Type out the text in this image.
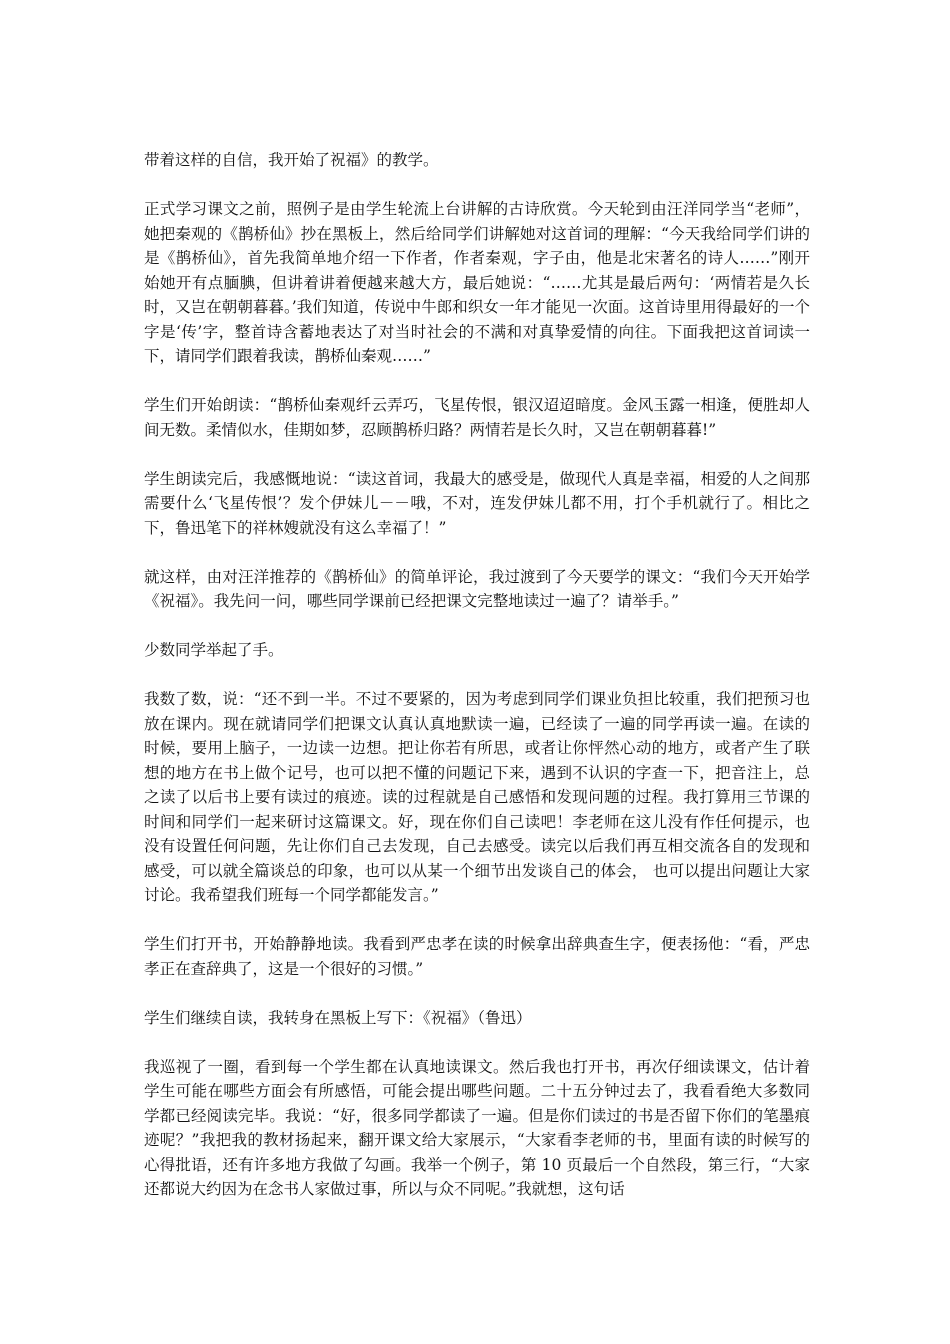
带着这样的自信，我开始了祝福》的教学。

正式学习课文之前，照例子是由学生轮流上台讲解的古诗欣赏。今天轮到由汪洋同学当“老师”，她把秦观的《鹊桥仙》抄在黑板上，然后给同学们讲解她对这首词的理解：“今天我给同学们讲的是《鹊桥仙》，首先我简单地介绍一下作者，作者秦观，字子由，他是北宋著名的诗人……”刚开始她开有点腼腆，但讲着讲着便越来越大方，最后她说：“……尤其是最后两句：‘两情若是久长时，又岂在朝朝暮暮。’我们知道，传说中牛郎和织女一年才能见一次面。这首诗里用得最好的一个字是‘传’字，整首诗含蓄地表达了对当时社会的不满和对真挚爱情的向往。下面我把这首词读一下，请同学们跟着我读，鹊桥仙秦观……”

学生们开始朗读：“鹊桥仙秦观纤云弄巧，飞星传恨，银汉迢迢暗度。金风玉露一相逢，便胜却人间无数。柔情似水，佳期如梦，忍顾鹊桥归路？两情若是长久时，又岂在朝朝暮暮!”

学生朗读完后，我感慨地说：“读这首词，我最大的感受是，做现代人真是幸福，相爱的人之间那需要什么‘飞星传恨’？发个伊妹儿－－哦，不对，连发伊妹儿都不用，打个手机就行了。相比之下，鲁迅笔下的祥林嫂就没有这么幸福了！”

就这样，由对汪洋推荐的《鹊桥仙》的简单评论，我过渡到了今天要学的课文：“我们今天开始学《祝福》。我先问一问，哪些同学课前已经把课文完整地读过一遍了？请举手。”

少数同学举起了手。

我数了数，说：“还不到一半。不过不要紧的，因为考虑到同学们课业负担比较重，我们把预习也放在课内。现在就请同学们把课文认真认真地默读一遍，已经读了一遍的同学再读一遍。在读的时候，要用上脑子，一边读一边想。把让你若有所思，或者让你怦然心动的地方，或者产生了联想的地方在书上做个记号，也可以把不懂的问题记下来，遇到不认识的字查一下，把音注上，总之读了以后书上要有读过的痕迹。读的过程就是自己感悟和发现问题的过程。我打算用三节课的时间和同学们一起来研讨这篇课文。好，现在你们自己读吧！李老师在这儿没有作任何提示，也没有设置任何问题，先让你们自己去发现，自己去感受。读完以后我们再互相交流各自的发现和感受，可以就全篇谈总的印象，也可以从某一个细节出发谈自己的体会， 也可以提出问题让大家讨论。我希望我们班每一个同学都能发言。”

学生们打开书，开始静静地读。我看到严忠孝在读的时候拿出辞典查生字，便表扬他：“看，严忠孝正在查辞典了，这是一个很好的习惯。”

学生们继续自读，我转身在黑板上写下：《祝福》（鲁迅）

我巡视了一圈，看到每一个学生都在认真地读课文。然后我也打开书，再次仔细读课文，估计着学生可能在哪些方面会有所感悟，可能会提出哪些问题。二十五分钟过去了，我看看绝大多数同学都已经阅读完毕。我说：“好，很多同学都读了一遍。但是你们读过的书是否留下你们的笔墨痕迹呢？”我把我的教材扬起来，翻开课文给大家展示，“大家看李老师的书，里面有读的时候写的心得批语，还有许多地方我做了勾画。我举一个例子，第 10 页最后一个自然段，第三行，“大家还都说大约因为在念书人家做过事，所以与众不同呢。”我就想，这句话
